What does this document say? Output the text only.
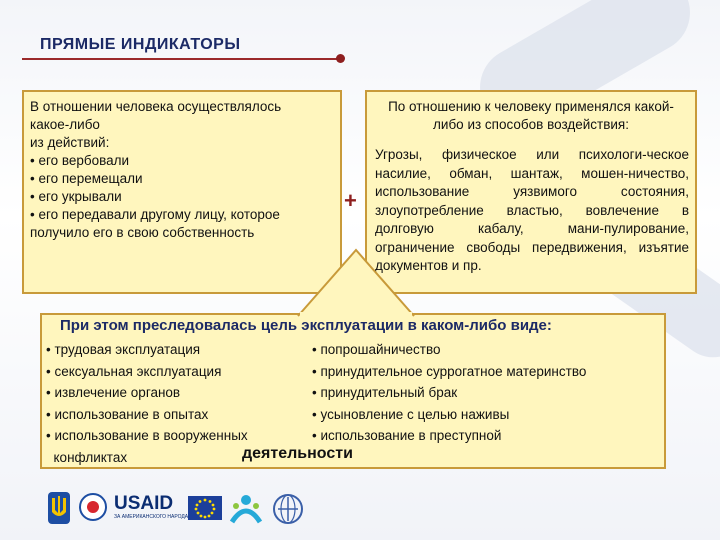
ПРЯМЫЕ ИНДИКАТОРЫ
В отношении человека осуществлялось
какое-либо
из действий:
• его вербовали
• его перемещали
• его укрывали
• его передавали другому лицу, которое
получило его в свою собственность
+
По отношению к человеку применялся какой-либо из способов воздействия:
Угрозы, физическое или психологи-ческое насилие, обман, шантаж, мошен-ничество, использование уязвимого состояния, злоупотребление властью, вовлечение в долговую кабалу, мани-пулирование, ограничение свободы передвижения, изъятие документов и пр.
При этом преследовалась цель эксплуатации в каком-либо виде:
• трудовая эксплуатация
• сексуальная эксплуатация
• извлечение органов
• использование в опытах
• использование в вооруженных
конфликтах
• попрошайничество
• принудительное суррогатное материнство
• принудительный брак
• усыновление с целью наживы
• использование в преступной
деятельности
USAID
ЗА АМЕРИКАНСКОГО НАРОДА
